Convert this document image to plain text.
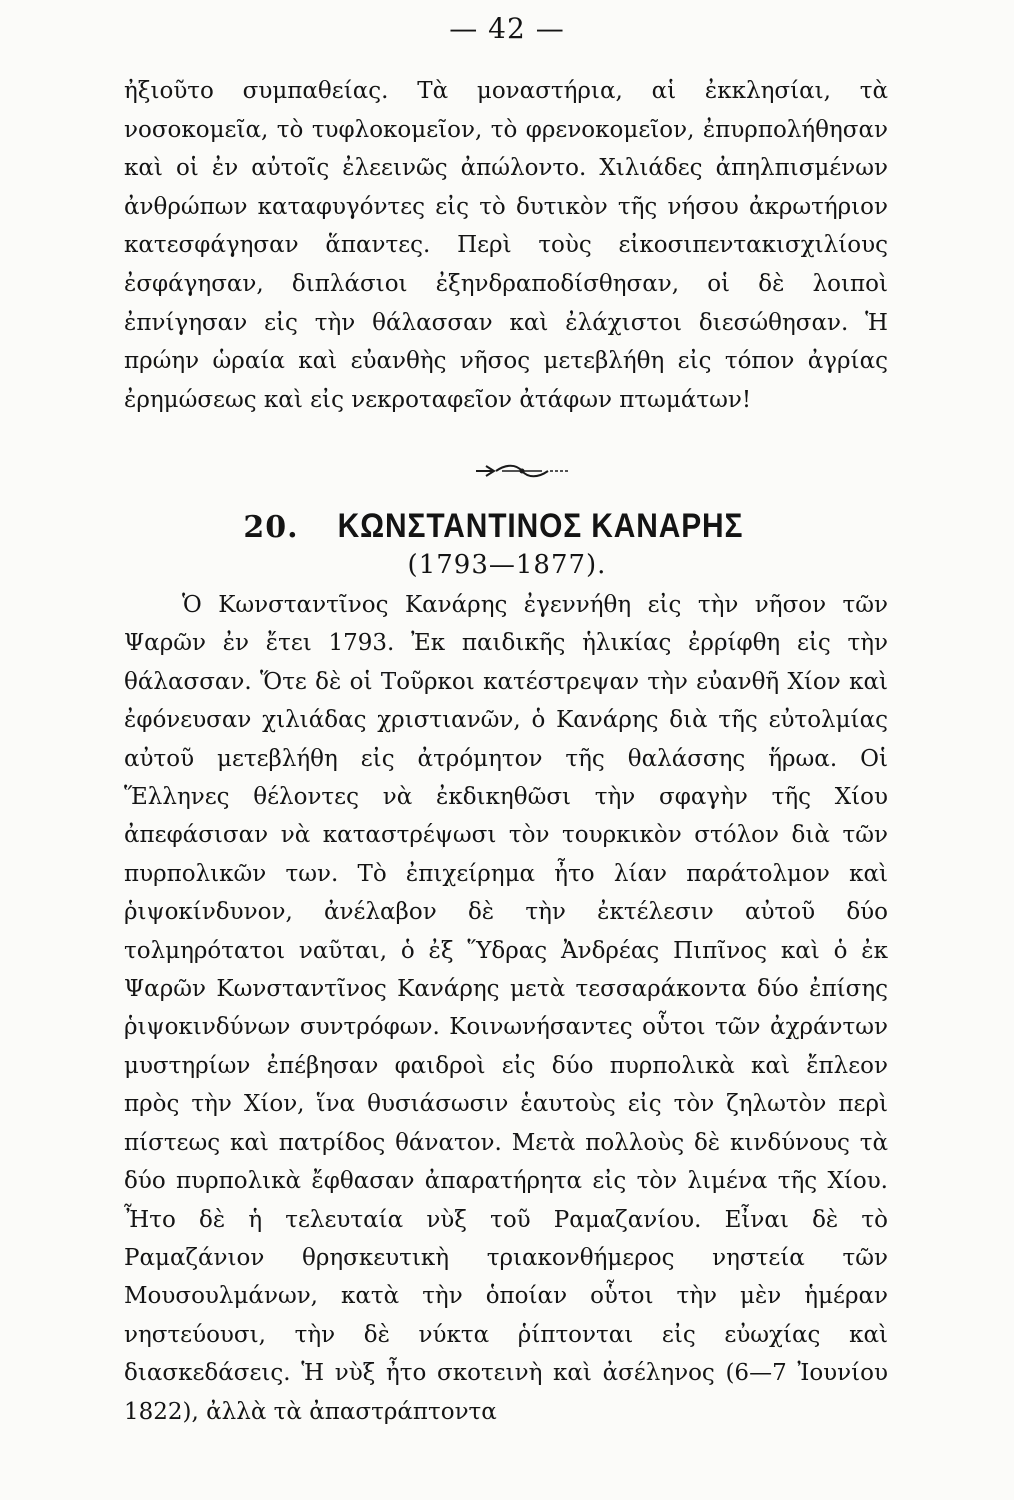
— 42 —

ἠξιοῦτο συμπαθείας. Τὰ μοναστήρια, αἱ ἐκκλησίαι, τὰ νοσοκομεῖα, τὸ τυφλοκομεῖον, τὸ φρενοκομεῖον, ἐπυρπολήθησαν καὶ οἱ ἐν αὐτοῖς ἐλεεινῶς ἀπώλοντο. Χιλιάδες ἀπηλπισμένων ἀνθρώπων καταφυγόντες εἰς τὸ δυτικὸν τῆς νήσου ἀκρωτήριον κατεσφάγησαν ἅπαντες. Περὶ τοὺς εἰκοσιπεντακισχιλίους ἐσφάγησαν, διπλάσιοι ἐξηνδραποδίσθησαν, οἱ δὲ λοιποὶ ἐπνίγησαν εἰς τὴν θάλασσαν καὶ ἐλάχιστοι διεσώθησαν. Ἡ πρώην ὡραία καὶ εὐανθὴς νῆσος μετεβλήθη εἰς τόπον ἀγρίας ἐρημώσεως καὶ εἰς νεκροταφεῖον ἀτάφων πτωμάτων!

20. ΚΩΝΣΤΑΝΤΙΝΟΣ ΚΑΝΑΡΗΣ
(1793—1877).

Ὁ Κωνσταντῖνος Κανάρης ἐγεννήθη εἰς τὴν νῆσον τῶν Ψαρῶν ἐν ἔτει 1793. Ἐκ παιδικῆς ἡλικίας ἐρρίφθη εἰς τὴν θάλασσαν. Ὅτε δὲ οἱ Τοῦρκοι κατέστρεψαν τὴν εὐανθῆ Χίον καὶ ἐφόνευσαν χιλιάδας χριστιανῶν, ὁ Κανάρης διὰ τῆς εὐτολμίας αὐτοῦ μετεβλήθη εἰς ἀτρόμητον τῆς θαλάσσης ἥρωα. Οἱ Ἕλληνες θέλοντες νὰ ἐκδικηθῶσι τὴν σφαγὴν τῆς Χίου ἀπεφάσισαν νὰ καταστρέψωσι τὸν τουρκικὸν στόλον διὰ τῶν πυρπολικῶν των. Τὸ ἐπιχείρημα ἦτο λίαν παράτολμον καὶ ῥιψοκίνδυνον, ἀνέλαβον δὲ τὴν ἐκτέλεσιν αὐτοῦ δύο τολμηρότατοι ναῦται, ὁ ἐξ Ὕδρας Ἀνδρέας Πιπῖνος καὶ ὁ ἐκ Ψαρῶν Κωνσταντῖνος Κανάρης μετὰ τεσσαράκοντα δύο ἐπίσης ῥιψοκινδύνων συντρόφων. Κοινωνήσαντες οὗτοι τῶν ἀχράντων μυστηρίων ἐπέβησαν φαιδροὶ εἰς δύο πυρπολικὰ καὶ ἔπλεον πρὸς τὴν Χίον, ἵνα θυσιάσωσιν ἑαυτοὺς εἰς τὸν ζηλωτὸν περὶ πίστεως καὶ πατρίδος θάνατον. Μετὰ πολλοὺς δὲ κινδύνους τὰ δύο πυρπολικὰ ἔφθασαν ἀπαρατήρητα εἰς τὸν λιμένα τῆς Χίου. Ἦτο δὲ ἡ τελευταία νὺξ τοῦ Ραμαζανίου. Εἶναι δὲ τὸ Ραμαζάνιον θρησκευτικὴ τριακονθήμερος νηστεία τῶν Μουσουλμάνων, κατὰ τὴν ὁποίαν οὗτοι τὴν μὲν ἡμέραν νηστεύουσι, τὴν δὲ νύκτα ῥίπτονται εἰς εὐωχίας καὶ διασκεδάσεις. Ἡ νὺξ ἦτο σκοτεινὴ καὶ ἀσέληνος (6—7 Ἰουνίου 1822), ἀλλὰ τὰ ἀπαστράπτοντα
